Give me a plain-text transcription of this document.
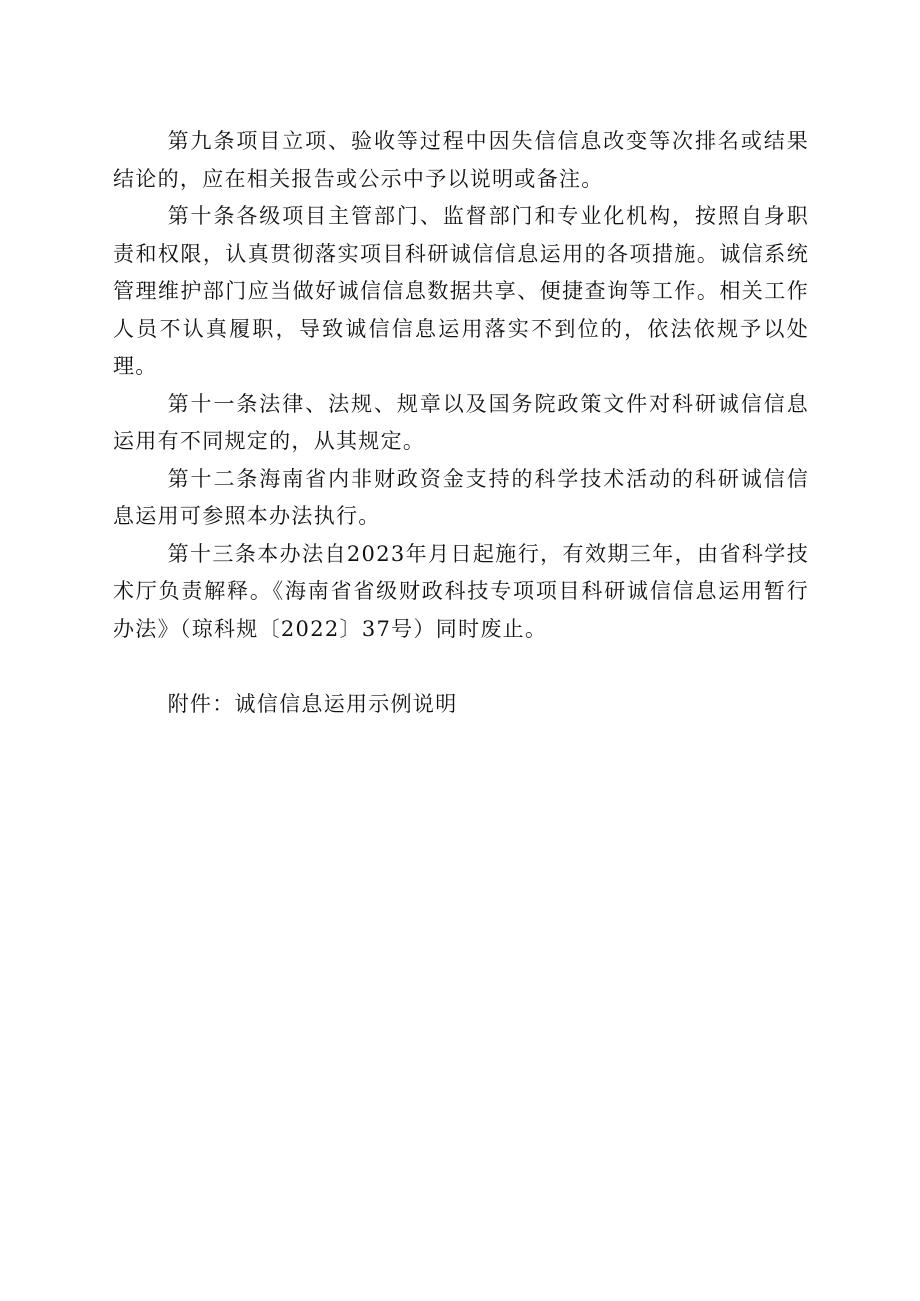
第九条项目立项、验收等过程中因失信信息改变等次排名或结果结论的，应在相关报告或公示中予以说明或备注。

第十条各级项目主管部门、监督部门和专业化机构，按照自身职责和权限，认真贯彻落实项目科研诚信信息运用的各项措施。诚信系统管理维护部门应当做好诚信信息数据共享、便捷查询等工作。相关工作人员不认真履职，导致诚信信息运用落实不到位的，依法依规予以处理。

第十一条法律、法规、规章以及国务院政策文件对科研诚信信息运用有不同规定的，从其规定。

第十二条海南省内非财政资金支持的科学技术活动的科研诚信信息运用可参照本办法执行。

第十三条本办法自2023年月日起施行，有效期三年，由省科学技术厅负责解释。《海南省省级财政科技专项项目科研诚信信息运用暂行办法》（琼科规〔2022〕37号）同时废止。

附件：诚信信息运用示例说明
